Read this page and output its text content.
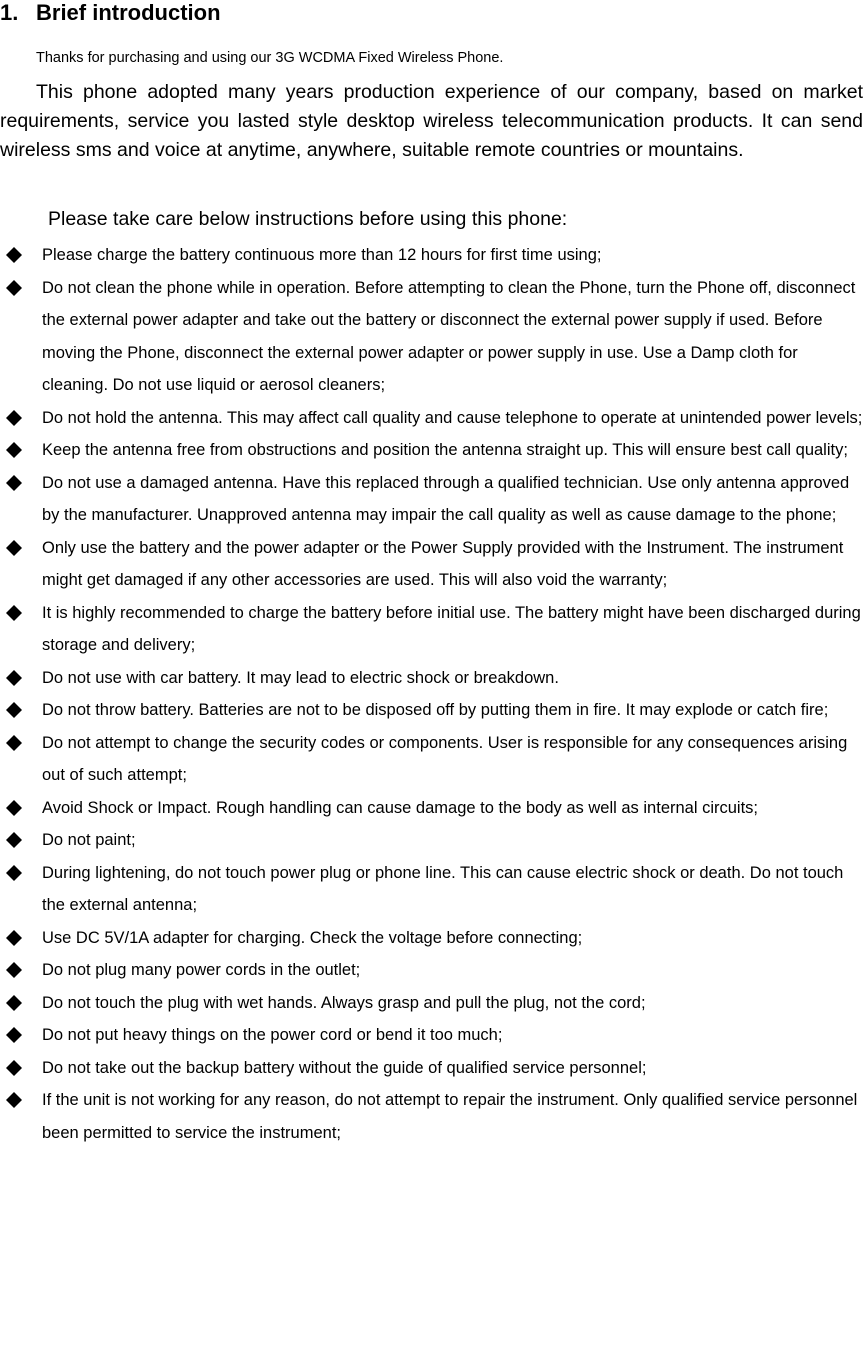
1. Brief introduction
Thanks for purchasing and using our 3G WCDMA Fixed Wireless Phone.

This phone adopted many years production experience of our company, based on market requirements, service you lasted style desktop wireless telecommunication products. It can send wireless sms and voice at anytime, anywhere, suitable remote countries or mountains.

Please take care below instructions before using this phone:
Please charge the battery continuous more than 12 hours for first time using;
Do not clean the phone while in operation. Before attempting to clean the Phone, turn the Phone off, disconnect the external power adapter and take out the battery or disconnect the external power supply if used. Before moving the Phone, disconnect the external power adapter or power supply in use. Use a Damp cloth for cleaning. Do not use liquid or aerosol cleaners;
Do not hold the antenna. This may affect call quality and cause telephone to operate at unintended power levels;
Keep the antenna free from obstructions and position the antenna straight up. This will ensure best call quality;
Do not use a damaged antenna. Have this replaced through a qualified technician. Use only antenna approved by the manufacturer. Unapproved antenna may impair the call quality as well as cause damage to the phone;
Only use the battery and the power adapter or the Power Supply provided with the Instrument. The instrument might get damaged if any other accessories are used. This will also void the warranty;
It is highly recommended to charge the battery before initial use. The battery might have been discharged during storage and delivery;
Do not use with car battery. It may lead to electric shock or breakdown.
Do not throw battery. Batteries are not to be disposed off by putting them in fire. It may explode or catch fire;
Do not attempt to change the security codes or components. User is responsible for any consequences arising out of such attempt;
Avoid Shock or Impact. Rough handling can cause damage to the body as well as internal circuits;
Do not paint;
During lightening, do not touch power plug or phone line. This can cause electric shock or death. Do not touch the external antenna;
Use DC 5V/1A adapter for charging. Check the voltage before connecting;
Do not plug many power cords in the outlet;
Do not touch the plug with wet hands. Always grasp and pull the plug, not the cord;
Do not put heavy things on the power cord or bend it too much;
Do not take out the backup battery without the guide of qualified service personnel;
If the unit is not working for any reason, do not attempt to repair the instrument. Only qualified service personnel been permitted to service the instrument;
